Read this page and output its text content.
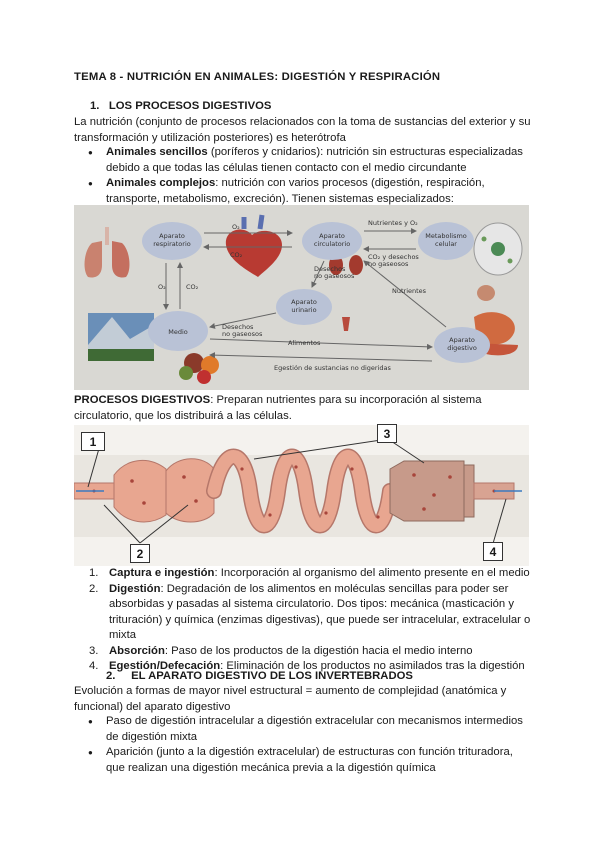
TEMA 8 - NUTRICIÓN EN ANIMALES: DIGESTIÓN Y RESPIRACIÓN
1. LOS PROCESOS DIGESTIVOS
La nutrición (conjunto de procesos relacionados con la toma de sustancias del exterior y su
transformación y utilización posteriores) es heterótrofa
● Animales sencillos (poríferos y cnidarios): nutrición sin estructuras especializadas
debido a que todas las células tienen contacto con el medio circundante
● Animales complejos: nutrición con varios procesos (digestión, respiración,
transporte, metabolismo, excreción). Tienen sistemas especializados:
Aparato
respiratorio
Aparato
circulatorio
Metabolismo
celular
Aparato
urinario
Medio
Aparato
digestivo
O₂
CO₂
O₂	CO₂
Nutrientes y O₂
CO₂ y desechos
no gaseosos
Desechos
no gaseosos
Nutrientes
Desechos
no gaseosos
Alimentos
Egestión de sustancias no digeridas
PROCESOS DIGESTIVOS: Preparan nutrientes para su incorporación al sistema
circulatorio, que los distribuirá a las células.
1
2
3
4
1. Captura e ingestión: Incorporación al organismo del alimento presente en el medio
2. Digestión: Degradación de los alimentos en moléculas sencillas para poder ser
absorbidas y pasadas al sistema circulatorio. Dos tipos: mecánica (masticación y
trituración) y química (enzimas digestivas), que puede ser intracelular, extracelular o
mixta
3. Absorción: Paso de los productos de la digestión hacia el medio interno
4. Egestión/Defecación: Eliminación de los productos no asimilados tras la digestión
2. EL APARATO DIGESTIVO DE LOS INVERTEBRADOS
Evolución a formas de mayor nivel estructural = aumento de complejidad (anatómica y
funcional) del aparato digestivo
● Paso de digestión intracelular a digestión extracelular con mecanismos intermedios
de digestión mixta
● Aparición (junto a la digestión extracelular) de estructuras con función trituradora,
que realizan una digestión mecánica previa a la digestión química
